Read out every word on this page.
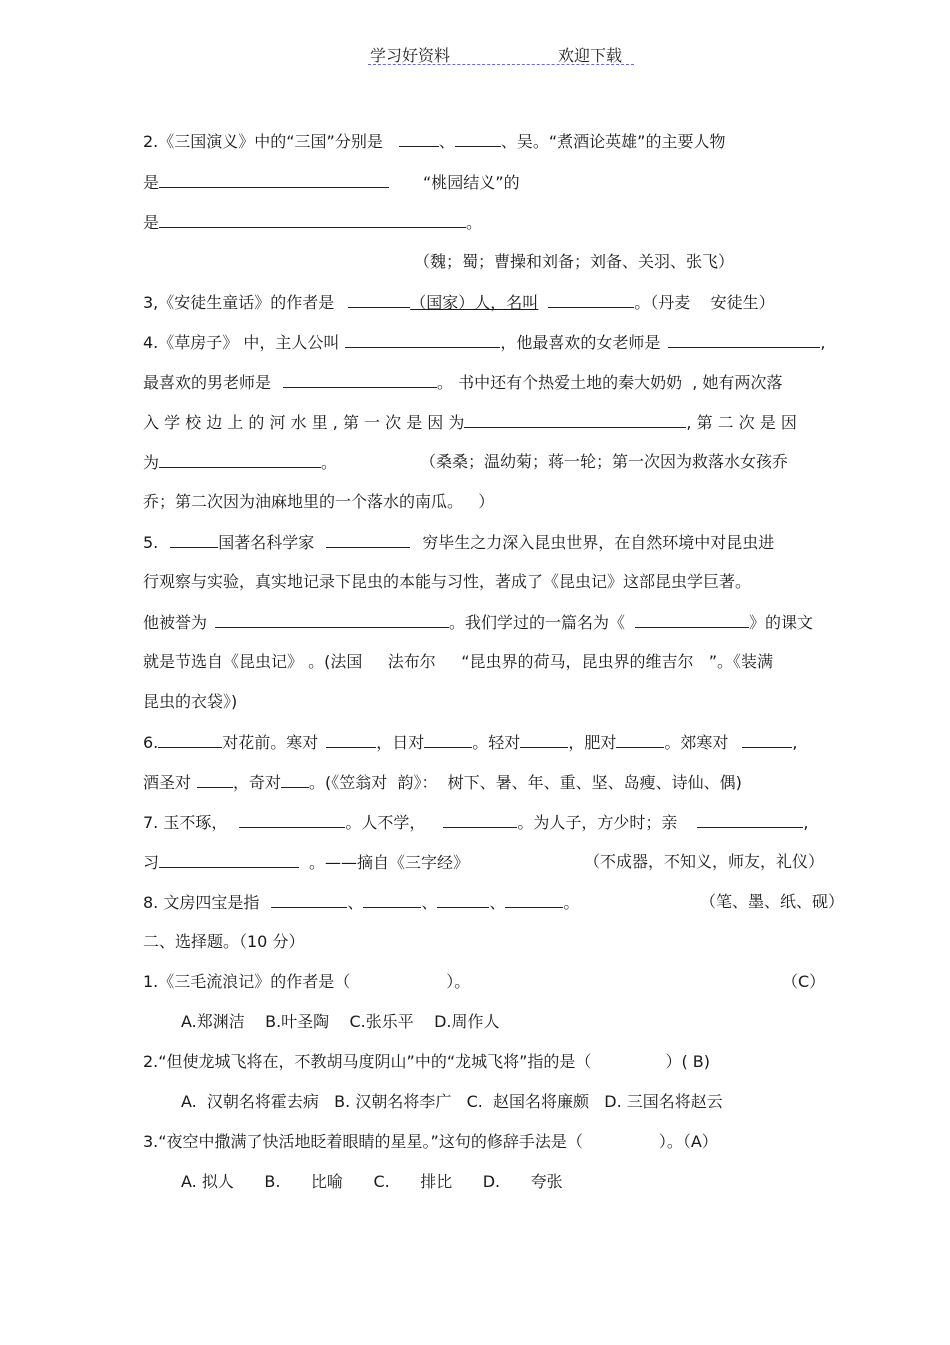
学习好资料	欢迎下载
2.《三国演义》中的“三国”分别是	、	、吴。“煮酒论英雄”的主要人物
是	“桃园结义”的
是	。
（魏；蜀；曹操和刘备；刘备、关羽、张飞）
3,《安徒生童话》的作者是	（国家）人，名叫	。（丹麦    安徒生）
4.《草房子》 中，主人公叫	，他最喜欢的女老师是	,
最喜欢的男老师是	。 书中还有个热爱土地的秦大奶奶  , 她有两次落
入 学 校 边 上 的 河 水 里 , 第 一 次 是 因 为	, 第 二 次 是 因
为	。	（桑桑；温幼菊；蒋一轮；第一次因为救落水女孩乔
乔；第二次因为油麻地里的一个落水的南瓜。   ）
5.	国著名科学家	穷毕生之力深入昆虫世界，在自然环境中对昆虫进
行观察与实验，真实地记录下昆虫的本能与习性，著成了《昆虫记》这部昆虫学巨著。
他被誉为	。我们学过的一篇名为《	》的课文
就是节选自《昆虫记》 。(法国     法布尔     “昆虫界的荷马，昆虫界的维吉尔   ”。《装满
昆虫的衣袋》)
6.	对花前。寒对	，日对	。轻对	，肥对	。郊寒对	,
酒圣对	，奇对 。(《笠翁对  韵》：  树下、暑、年、重、坚、岛瘦、诗仙、偶)
7. 玉不琢，	。人不学，	。为人子，方少时；亲	,
习	。——摘自《三字经》	（不成器，不知义，师友，礼仪）
8. 文房四宝是指	、	、	、	。	（笔、墨、纸、砚）
二、选择题。（10 分）
1.《三毛流浪记》的作者是（	）。	（C）
A.郑渊洁    B.叶圣陶    C.张乐平    D.周作人
2.“但使龙城飞将在，不教胡马度阴山”中的“龙城飞将”指的是（	）( B)
A.  汉朝名将霍去病   B. 汉朝名将李广   C.  赵国名将廉颇   D. 三国名将赵云
3.“夜空中撒满了快活地眨着眼睛的星星。”这句的修辞手法是（	）。（A）
A. 拟人      B.      比喻      C.      排比      D.      夸张
